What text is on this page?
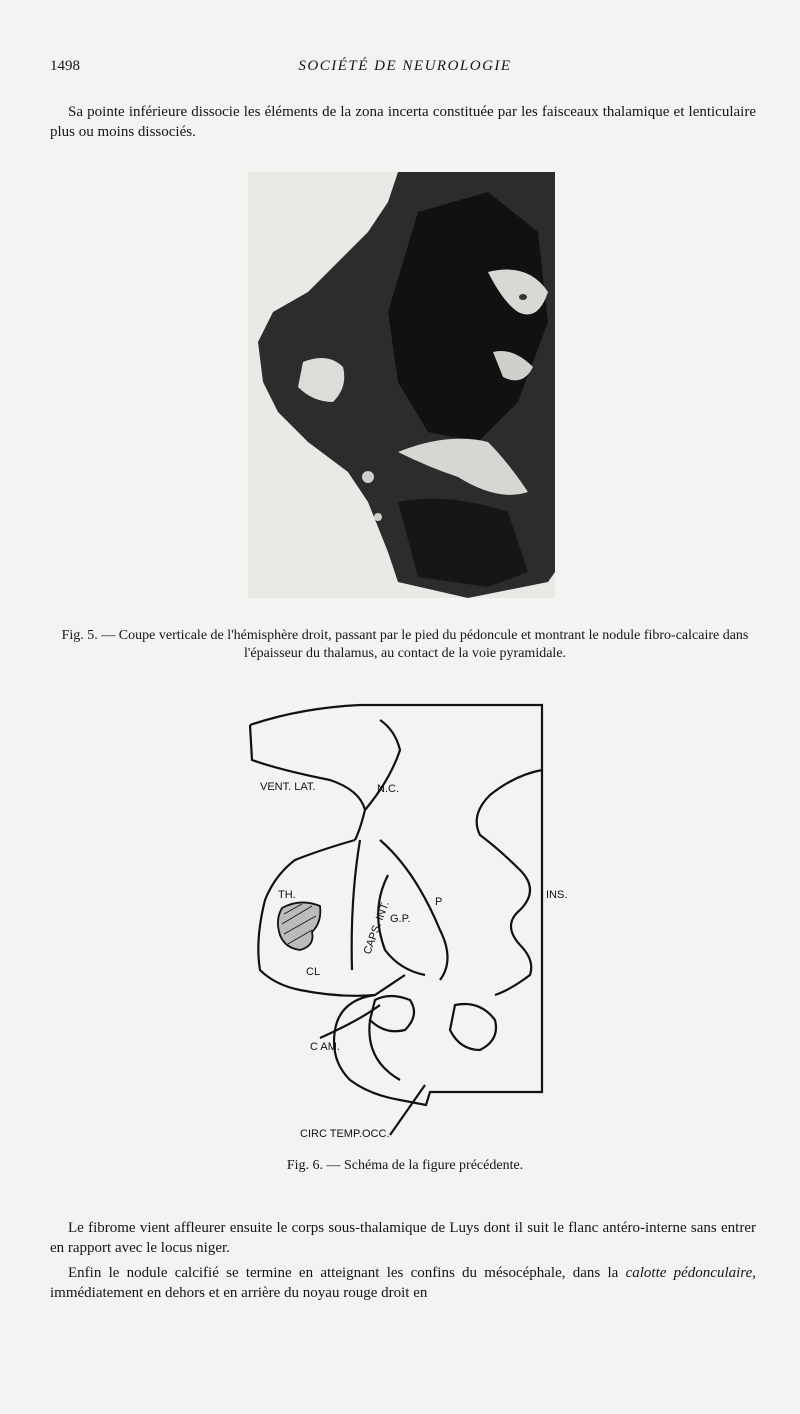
1498	SOCIÉTÉ DE NEUROLOGIE

Sa pointe inférieure dissocie les éléments de la zona incerta constituée par les faisceaux thalamique et lenticulaire plus ou moins dissociés.

Fig. 5. — Coupe verticale de l'hémisphère droit, passant par le pied du pédoncule et montrant le nodule fibro-calcaire dans l'épaisseur du thalamus, au contact de la voie pyramidale.

VENT. LAT.	N.C.
TH.
CAPS. INT.
G.P.
P
INS.
CL
C AM.
CIRC TEMP.OCC.

Fig. 6. — Schéma de la figure précédente.

Le fibrome vient affleurer ensuite le corps sous-thalamique de Luys dont il suit le flanc antéro-interne sans entrer en rapport avec le locus niger.

Enfin le nodule calcifié se termine en atteignant les confins du mésocéphale, dans la calotte pédonculaire, immédiatement en dehors et en arrière du noyau rouge droit en
